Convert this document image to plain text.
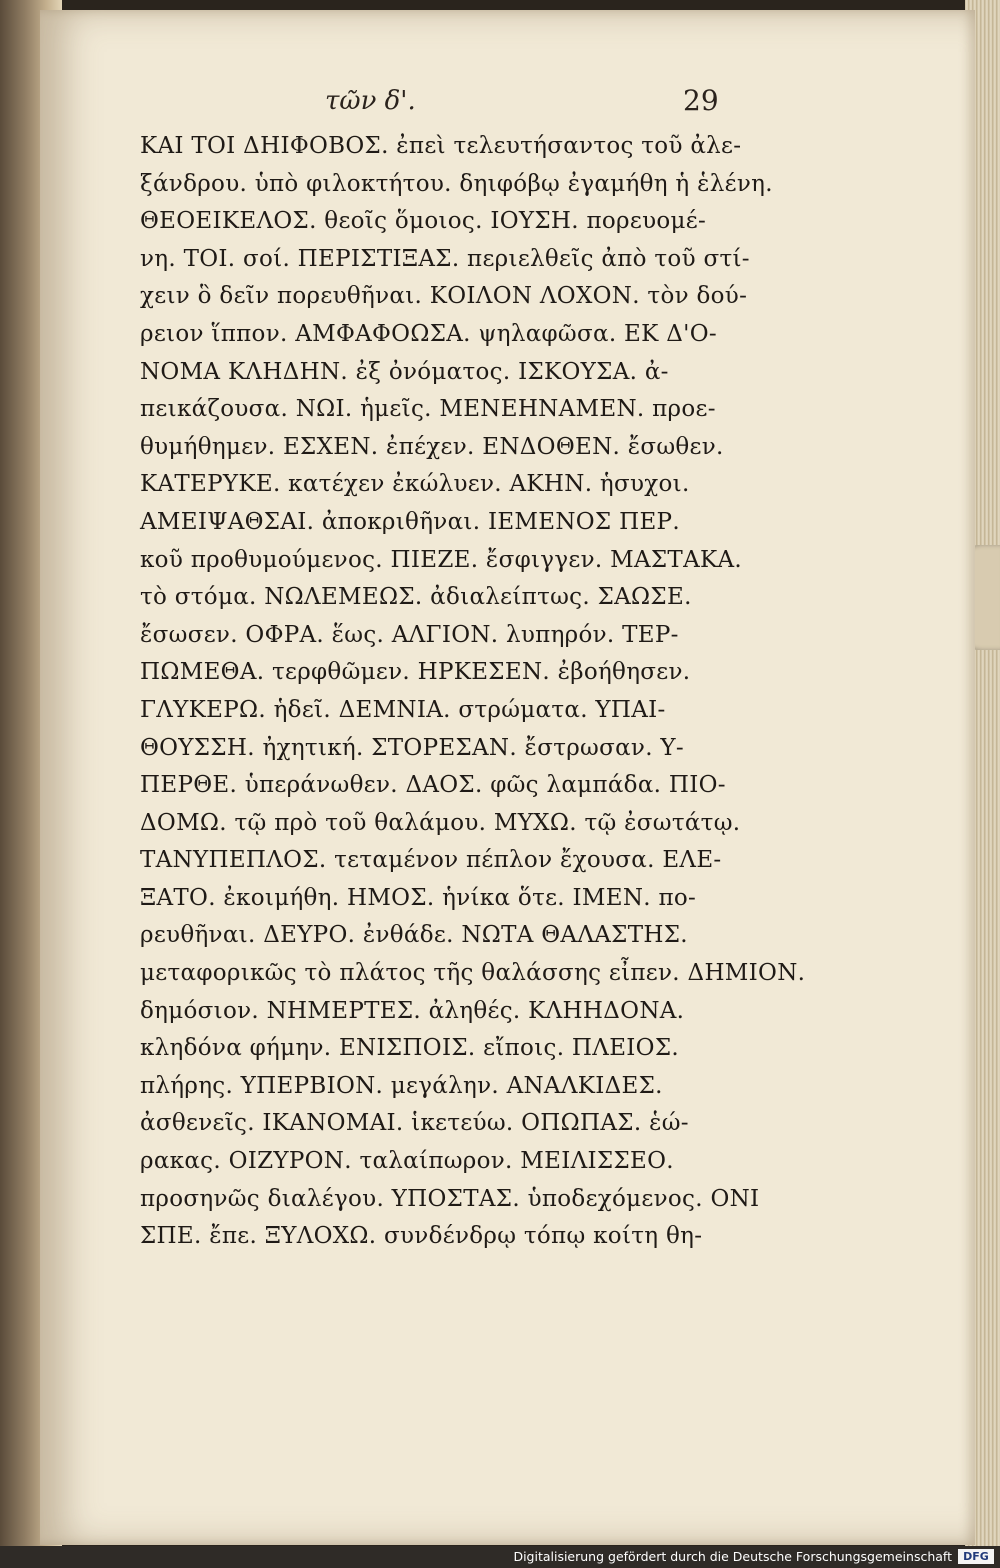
τῶν δ'.	29
ΚΑΙ ΤΟΙ ΔΗΙΦΟΒΟΣ. ἐπεὶ τελευτήσαντος τοῦ ἀλε-
ξάνδρου. ὑπὸ φιλοκτήτου. δηιφόβῳ ἐγαμήθη ἡ ἑλένη.
ΘΕΟΕΙΚΕΛΟΣ. θεοῖς ὅμοιος. ΙΟΥΣΗ. πορευομέ-
νη. ΤΟΙ. σοί. ΠΕΡΙΣΤΙΞΑΣ. περιελθεῖς ἀπὸ τοῦ στί-
χειν ὃ δεῖν πορευθῆναι. ΚΟΙΛΟΝ ΛΟΧΟΝ. τὸν δού-
ρειον ἵππον. ΑΜΦΑΦΟΩΣΑ. ψηλαφῶσα. ΕΚ Δ'Ο-
ΝΟΜΑ ΚΛΗΔΗΝ. ἐξ ὀνόματος. ΙΣΚΟΥΣΑ. ἀ-
πεικάζουσα. ΝΩΙ. ἡμεῖς. ΜΕΝΕΗΝΑΜΕΝ. προε-
θυμήθημεν. ΕΣΧΕΝ. ἐπέχεν. ΕΝΔΟΘΕΝ. ἔσωθεν.
ΚΑΤΕΡΥΚΕ. κατέχεν ἐκώλυεν. ΑΚΗΝ. ἡσυχοι.
ΑΜΕΙΨΑΘΣΑΙ. ἀποκριθῆναι. ΙΕΜΕΝΟΣ ΠΕΡ.
κοῦ προθυμούμενος. ΠΙΕΖΕ. ἔσφιγγεν. ΜΑΣΤΑΚΑ.
τὸ στόμα. ΝΩΛΕΜΕΩΣ. ἀδιαλείπτως. ΣΑΩΣΕ.
ἔσωσεν. ΟΦΡΑ. ἕως. ΑΛΓΙΟΝ. λυπηρόν. ΤΕΡ-
ΠΩΜΕΘΑ. τερφθῶμεν. ΗΡΚΕΣΕΝ. ἐβοήθησεν.
ΓΛΥΚΕΡΩ. ἡδεῖ. ΔΕΜΝΙΑ. στρώματα. ΥΠΑΙ-
ΘΟΥΣΣΗ. ἠχητική. ΣΤΟΡΕΣΑΝ. ἔστρωσαν. Υ-
ΠΕΡΘΕ. ὑπεράνωθεν. ΔΑΟΣ. φῶς λαμπάδα. ΠΙΟ-
ΔΟΜΩ. τῷ πρὸ τοῦ θαλάμου. ΜΥΧΩ. τῷ ἐσωτάτῳ.
ΤΑΝΥΠΕΠΛΟΣ. τεταμένον πέπλον ἔχουσα. ΕΛΕ-
ΞΑΤΟ. ἐκοιμήθη. ΗΜΟΣ. ἡνίκα ὅτε. ΙΜΕΝ. πο-
ρευθῆναι. ΔΕΥΡΟ. ἐνθάδε. ΝΩΤΑ ΘΑΛΑΣΤΗΣ.
μεταφορικῶς τὸ πλάτος τῆς θαλάσσης εἶπεν. ΔΗΜΙΟΝ.
δημόσιον. ΝΗΜΕΡΤΕΣ. ἀληθές. ΚΛΗΗΔΟΝΑ.
κληδόνα φήμην. ΕΝΙΣΠΟΙΣ. εἴποις. ΠΛΕΙΟΣ.
πλήρης. ΥΠΕΡΒΙΟΝ. μεγάλην. ΑΝΑΛΚΙΔΕΣ.
ἀσθενεῖς. ΙΚΑΝΟΜΑΙ. ἱκετεύω. ΟΠΩΠΑΣ. ἑώ-
ρακας. ΟΙΖΥΡΟΝ. ταλαίπωρον. ΜΕΙΛΙΣΣΕΟ.
προσηνῶς διαλέγου. ΥΠΟΣΤΑΣ. ὑποδεχόμενος. ΟΝΙ
ΣΠΕ. ἔπε. ΞΥΛΟΧΩ. συνδένδρῳ τόπῳ κοίτη θη-
Digitalisierung gefördert durch die Deutsche Forschungsgemeinschaft	DFG
